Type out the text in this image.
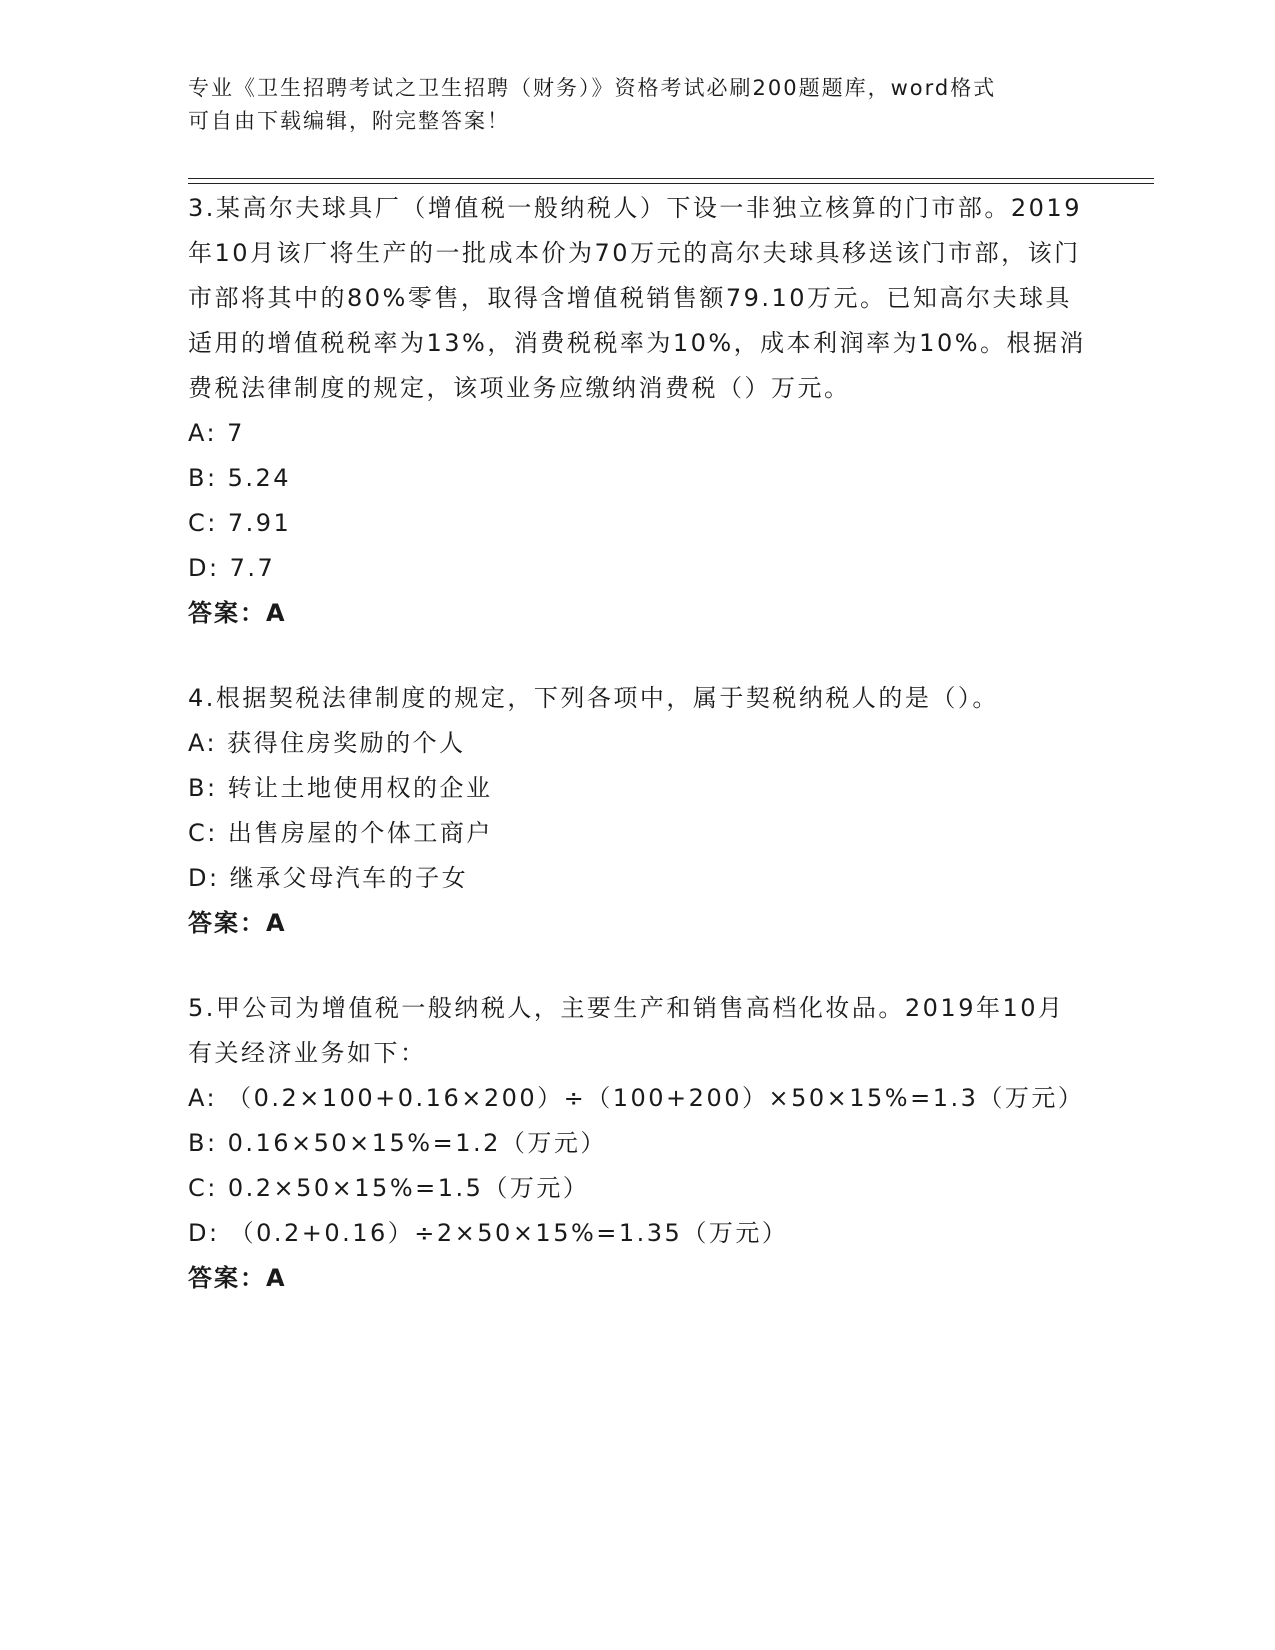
专业《卫生招聘考试之卫生招聘（财务）》资格考试必刷200题题库，word格式
可自由下载编辑，附完整答案！
3.某高尔夫球具厂（增值税一般纳税人）下设一非独立核算的门市部。2019年10月该厂将生产的一批成本价为70万元的高尔夫球具移送该门市部，该门市部将其中的80%零售，取得含增值税销售额79.10万元。已知高尔夫球具适用的增值税税率为13%，消费税税率为10%，成本利润率为10%。根据消费税法律制度的规定，该项业务应缴纳消费税（）万元。
A: 7
B: 5.24
C: 7.91
D: 7.7
答案：A
4.根据契税法律制度的规定，下列各项中，属于契税纳税人的是（）。
A: 获得住房奖励的个人
B: 转让土地使用权的企业
C: 出售房屋的个体工商户
D: 继承父母汽车的子女
答案：A
5.甲公司为增值税一般纳税人，主要生产和销售高档化妆品。2019年10月有关经济业务如下：
A: （0.2×100+0.16×200）÷（100+200）×50×15%=1.3（万元）
B: 0.16×50×15%=1.2（万元）
C: 0.2×50×15%=1.5（万元）
D: （0.2+0.16）÷2×50×15%=1.35（万元）
答案：A
